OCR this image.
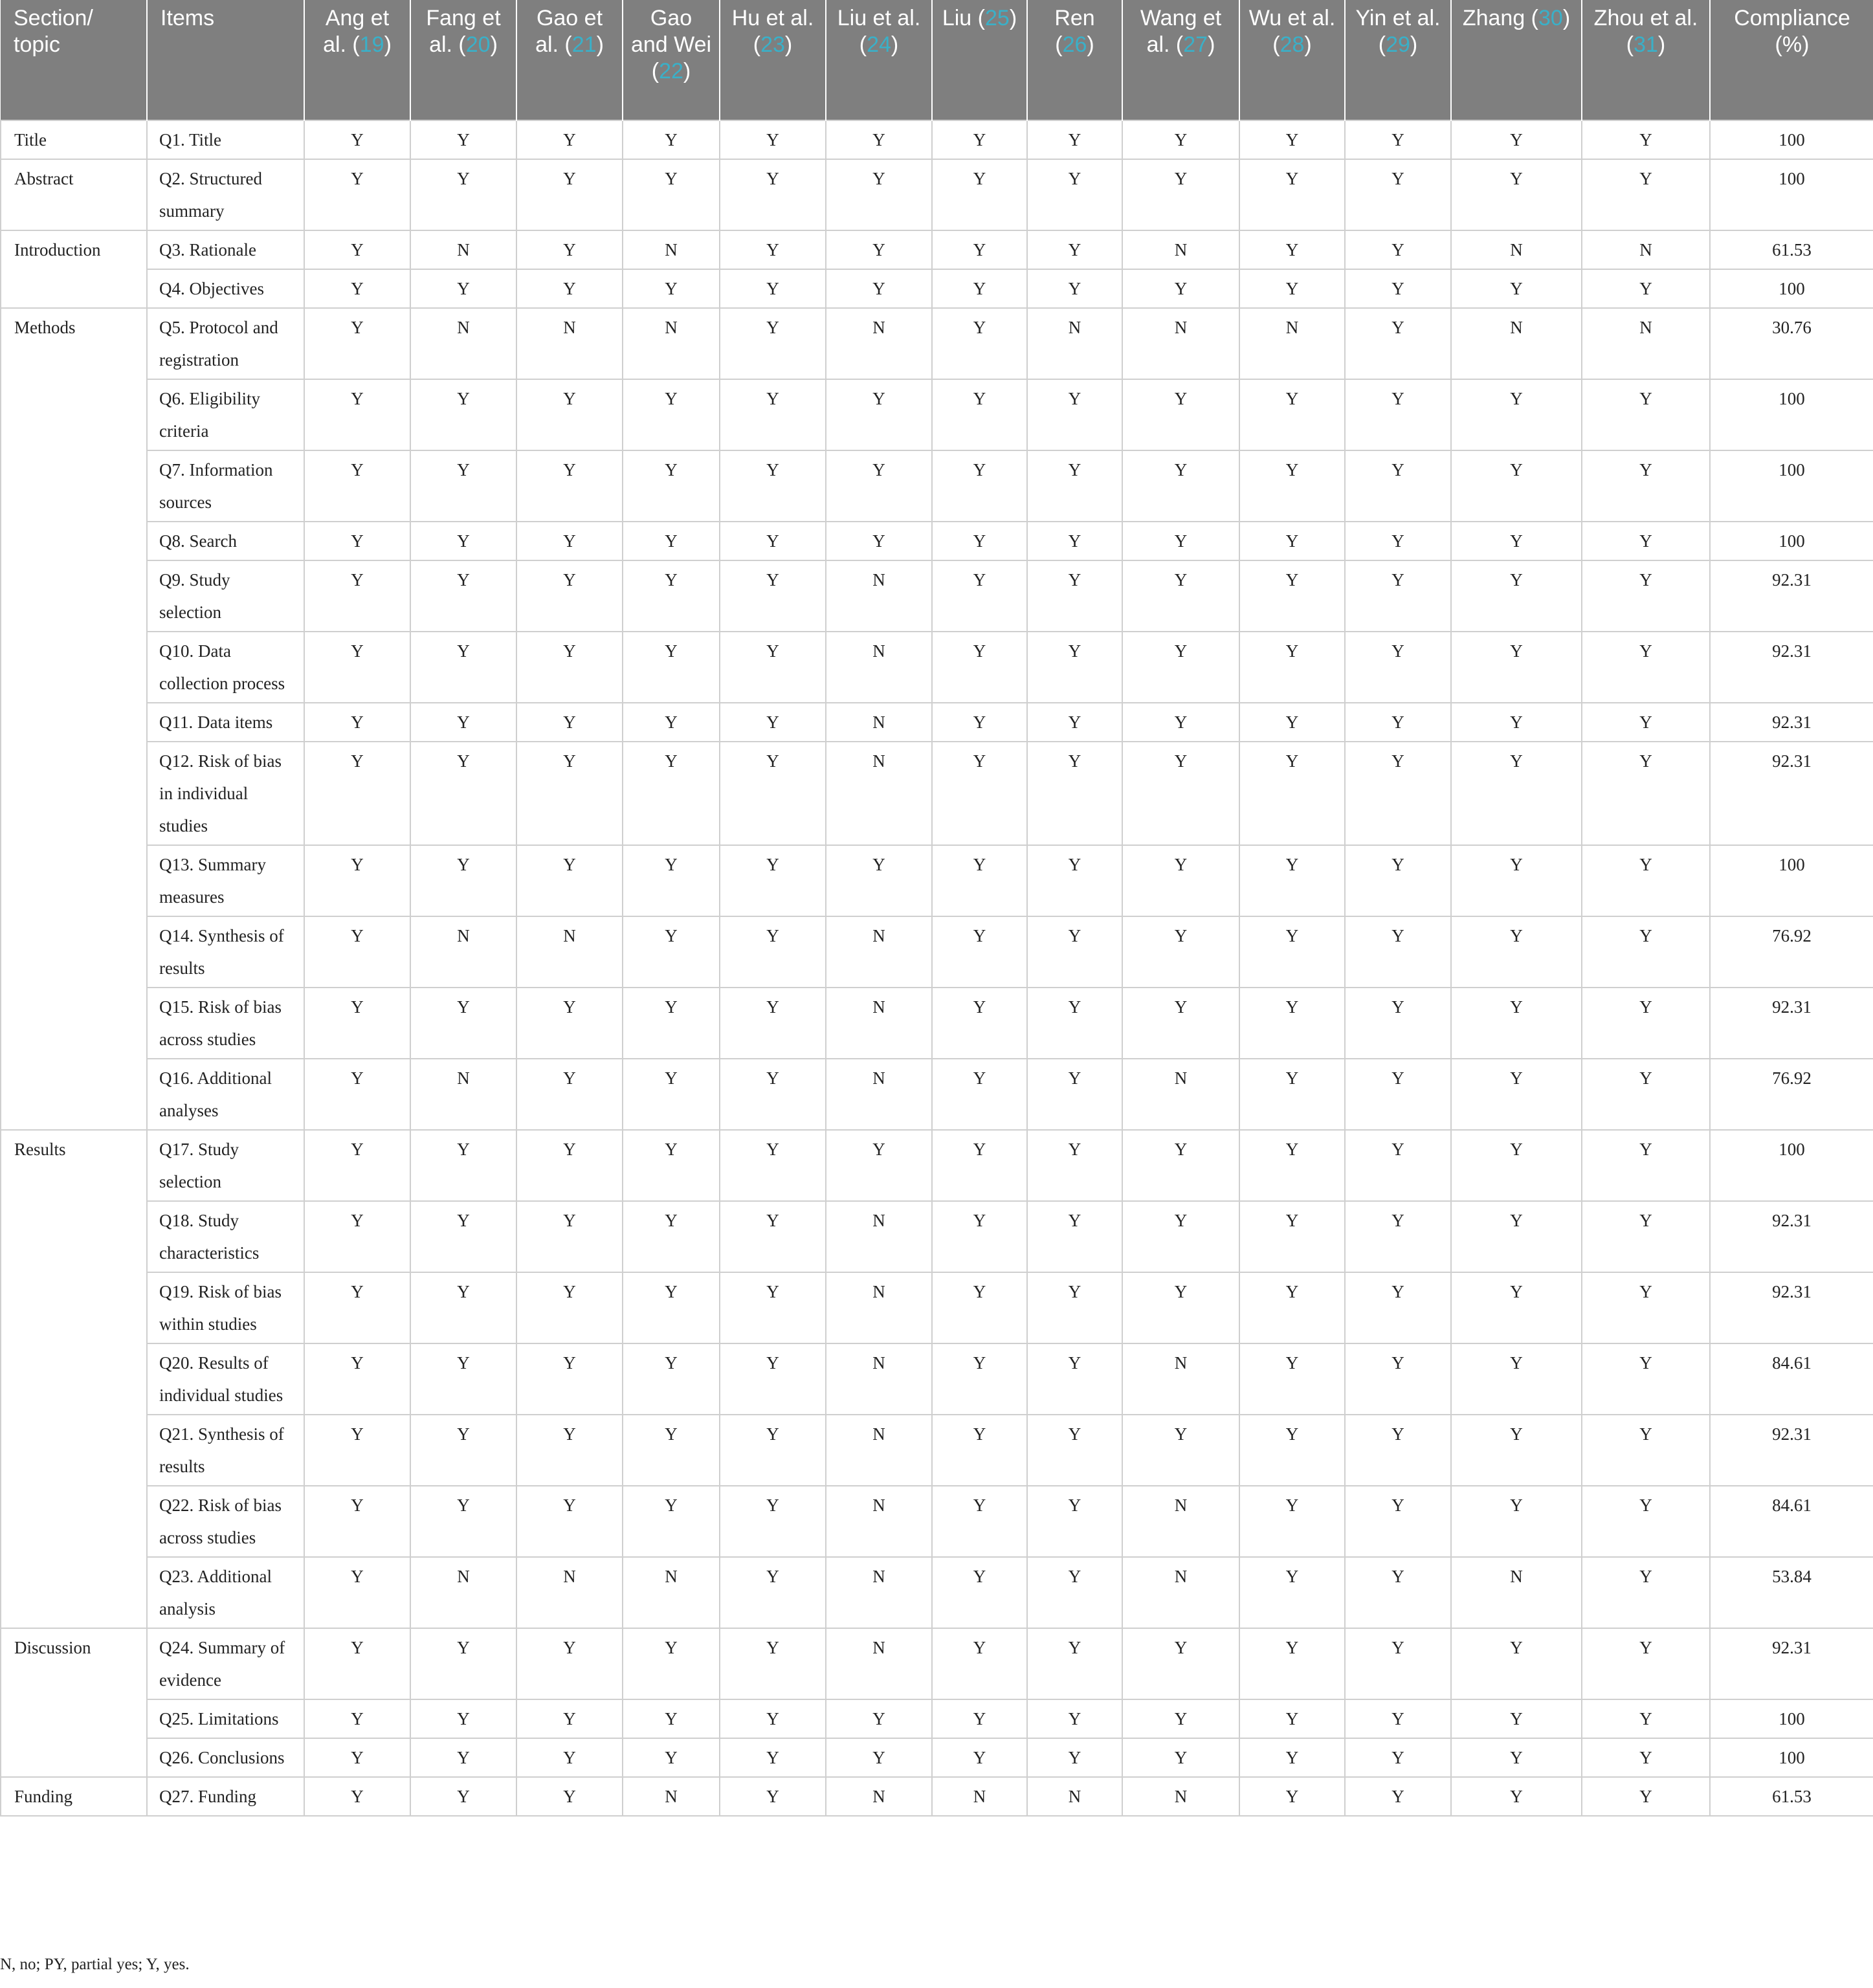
Section/ topic	Items	Ang et al. (19)	Fang et al. (20)	Gao et al. (21)	Gao and Wei (22)	Hu et al. (23)	Liu et al. (24)	Liu (25)	Ren (26)	Wang et al. (27)	Wu et al. (28)	Yin et al. (29)	Zhang (30)	Zhou et al. (31)	Compliance (%)
Title	Q1. Title	Y	Y	Y	Y	Y	Y	Y	Y	Y	Y	Y	Y	Y	100
Abstract	Q2. Structured summary	Y	Y	Y	Y	Y	Y	Y	Y	Y	Y	Y	Y	Y	100
Introduction	Q3. Rationale	Y	N	Y	N	Y	Y	Y	Y	N	Y	Y	N	N	61.53
	Q4. Objectives	Y	Y	Y	Y	Y	Y	Y	Y	Y	Y	Y	Y	Y	100
Methods	Q5. Protocol and registration	Y	N	N	N	Y	N	Y	N	N	N	Y	N	N	30.76
	Q6. Eligibility criteria	Y	Y	Y	Y	Y	Y	Y	Y	Y	Y	Y	Y	Y	100
	Q7. Information sources	Y	Y	Y	Y	Y	Y	Y	Y	Y	Y	Y	Y	Y	100
	Q8. Search	Y	Y	Y	Y	Y	Y	Y	Y	Y	Y	Y	Y	Y	100
	Q9. Study selection	Y	Y	Y	Y	Y	N	Y	Y	Y	Y	Y	Y	Y	92.31
	Q10. Data collection process	Y	Y	Y	Y	Y	N	Y	Y	Y	Y	Y	Y	Y	92.31
	Q11. Data items	Y	Y	Y	Y	Y	N	Y	Y	Y	Y	Y	Y	Y	92.31
	Q12. Risk of bias in individual studies	Y	Y	Y	Y	Y	N	Y	Y	Y	Y	Y	Y	Y	92.31
	Q13. Summary measures	Y	Y	Y	Y	Y	Y	Y	Y	Y	Y	Y	Y	Y	100
	Q14. Synthesis of results	Y	N	N	Y	Y	N	Y	Y	Y	Y	Y	Y	Y	76.92
	Q15. Risk of bias across studies	Y	Y	Y	Y	Y	N	Y	Y	Y	Y	Y	Y	Y	92.31
	Q16. Additional analyses	Y	N	Y	Y	Y	N	Y	Y	N	Y	Y	Y	Y	76.92
Results	Q17. Study selection	Y	Y	Y	Y	Y	Y	Y	Y	Y	Y	Y	Y	Y	100
	Q18. Study characteristics	Y	Y	Y	Y	Y	N	Y	Y	Y	Y	Y	Y	Y	92.31
	Q19. Risk of bias within studies	Y	Y	Y	Y	Y	N	Y	Y	Y	Y	Y	Y	Y	92.31
	Q20. Results of individual studies	Y	Y	Y	Y	Y	N	Y	Y	N	Y	Y	Y	Y	84.61
	Q21. Synthesis of results	Y	Y	Y	Y	Y	N	Y	Y	Y	Y	Y	Y	Y	92.31
	Q22. Risk of bias across studies	Y	Y	Y	Y	Y	N	Y	Y	N	Y	Y	Y	Y	84.61
	Q23. Additional analysis	Y	N	N	N	Y	N	Y	Y	N	Y	Y	N	Y	53.84
Discussion	Q24. Summary of evidence	Y	Y	Y	Y	Y	N	Y	Y	Y	Y	Y	Y	Y	92.31
	Q25. Limitations	Y	Y	Y	Y	Y	Y	Y	Y	Y	Y	Y	Y	Y	100
	Q26. Conclusions	Y	Y	Y	Y	Y	Y	Y	Y	Y	Y	Y	Y	Y	100
Funding	Q27. Funding	Y	Y	Y	N	Y	N	N	N	N	Y	Y	Y	Y	61.53
N, no; PY, partial yes; Y, yes.
